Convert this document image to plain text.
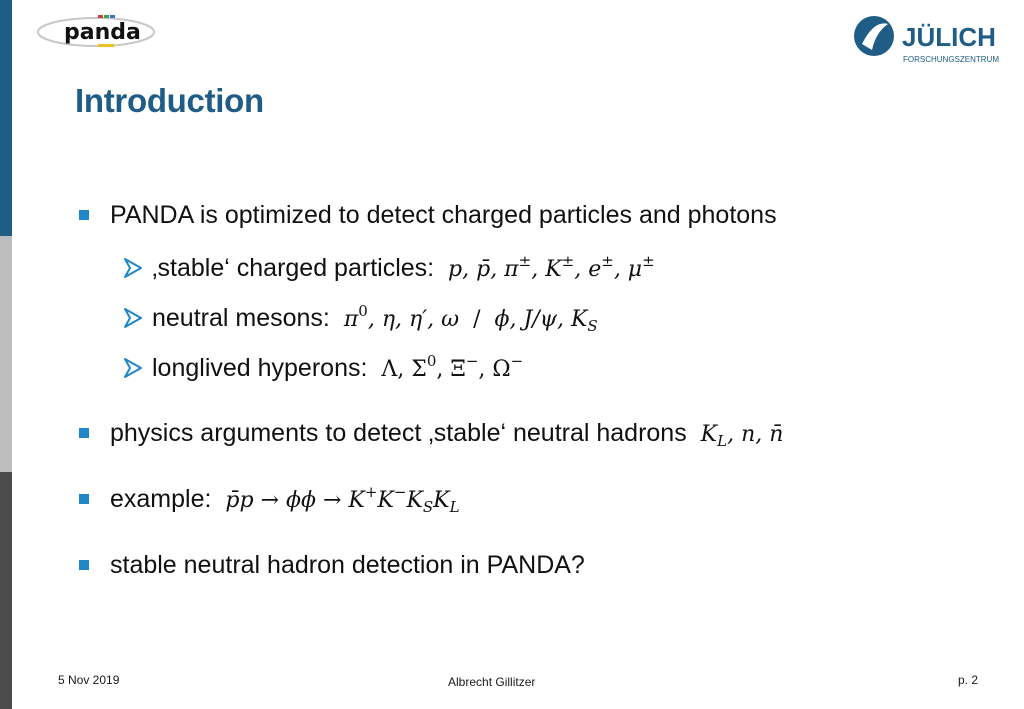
panda	JÜLICH
FORSCHUNGSZENTRUM
Introduction
PANDA is optimized to detect charged particles and photons
‚stable‘ charged particles:  p, p̄, π±, K±, e±, μ±
neutral mesons:  $\pi^0$, η, η′, ω  /  ϕ, J/ψ, $K_S$
longlived hyperons: Λ, $\Sigma^0$, Ξ−, Ω−
physics arguments to detect ‚stable‘ neutral hadrons  $K_L$, n, n̄
example:  p̄p → $\phi\phi \to K^+K^-K_SK_L$
stable neutral hadron detection in PANDA?
5 Nov 2019	Albrecht Gillitzer	p. 2
